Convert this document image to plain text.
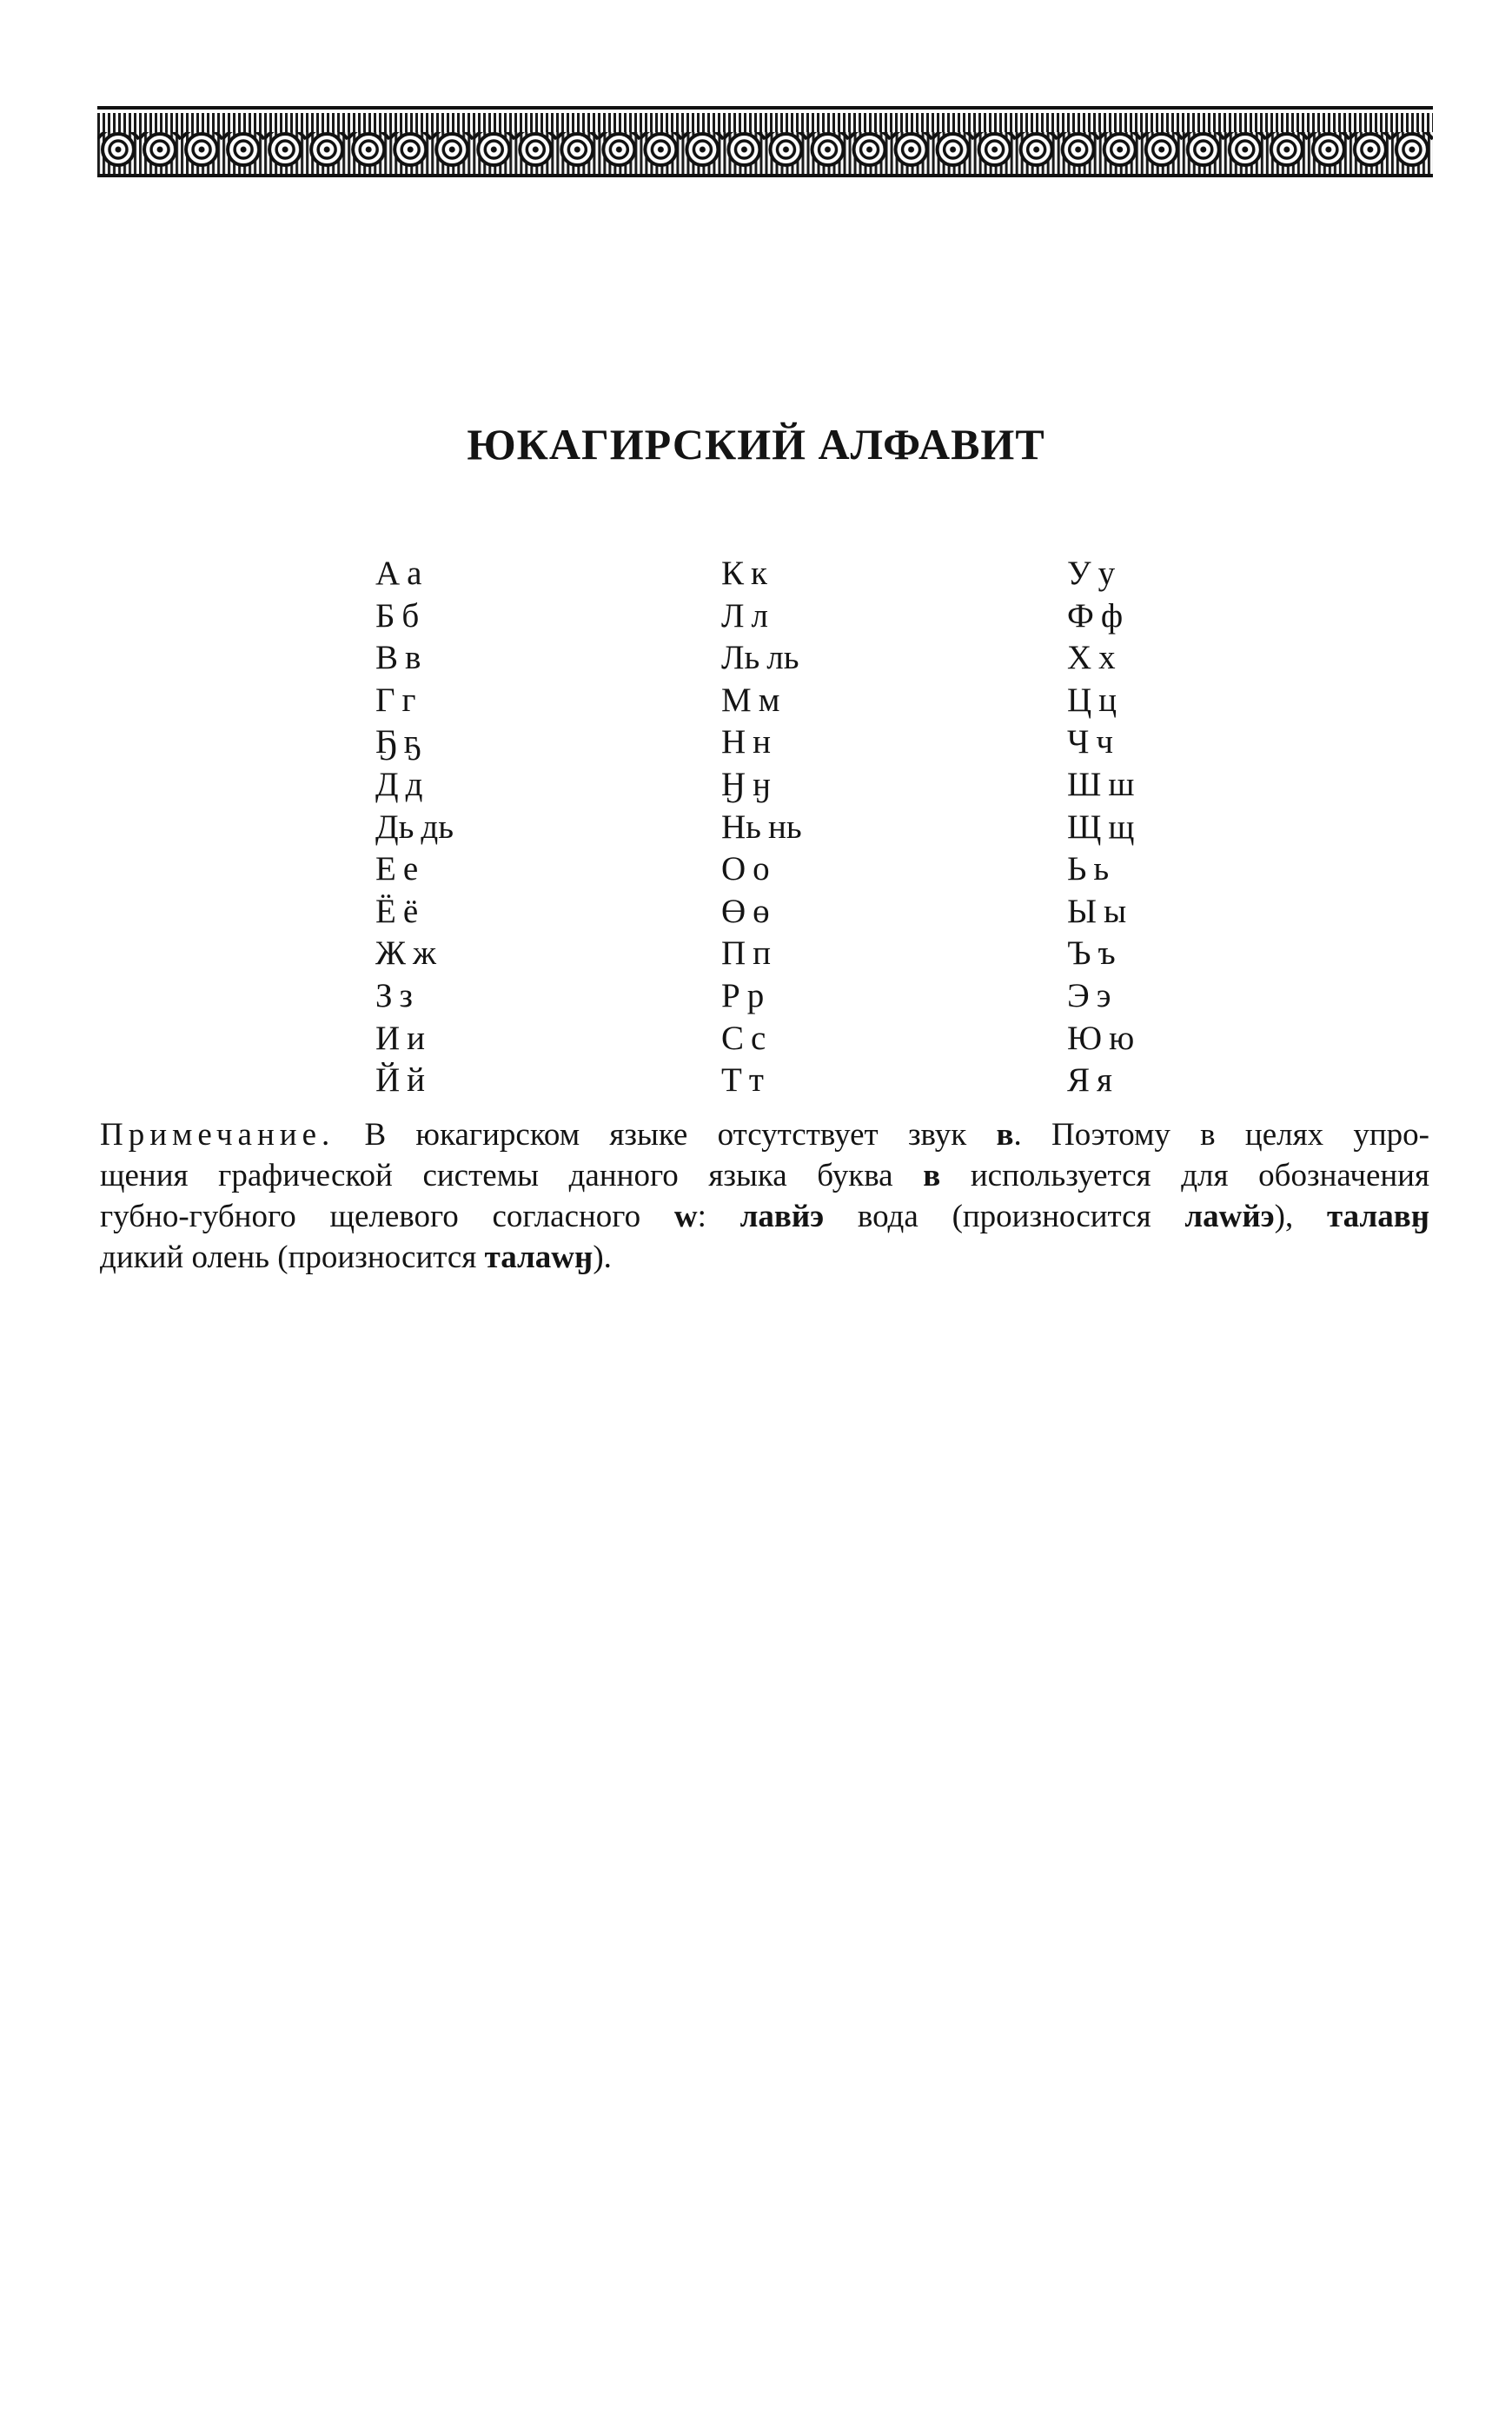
ЮКАГИРСКИЙ АЛФАВИТ
А а
Б б
В в
Г г
Ҕ ҕ
Д д
Дь дь
Е е
Ё ё
Ж ж
З з
И и
Й й
К к
Л л
Ль ль
М м
Н н
Ӈ ӈ
Нь нь
О о
Ө ө
П п
Р р
С с
Т т
У у
Ф ф
Х х
Ц ц
Ч ч
Ш ш
Щ щ
Ь ь
Ы ы
Ъ ъ
Э э
Ю ю
Я я

Примечание. В юкагирском языке отсутствует звук в. Поэтому в целях упро-
щения графической системы данного языка буква в используется для обозначения
губно-губного щелевого согласного w: лавйэ вода (произносится лаwйэ), талавӈ
дикий олень (произносится талаwӈ).
